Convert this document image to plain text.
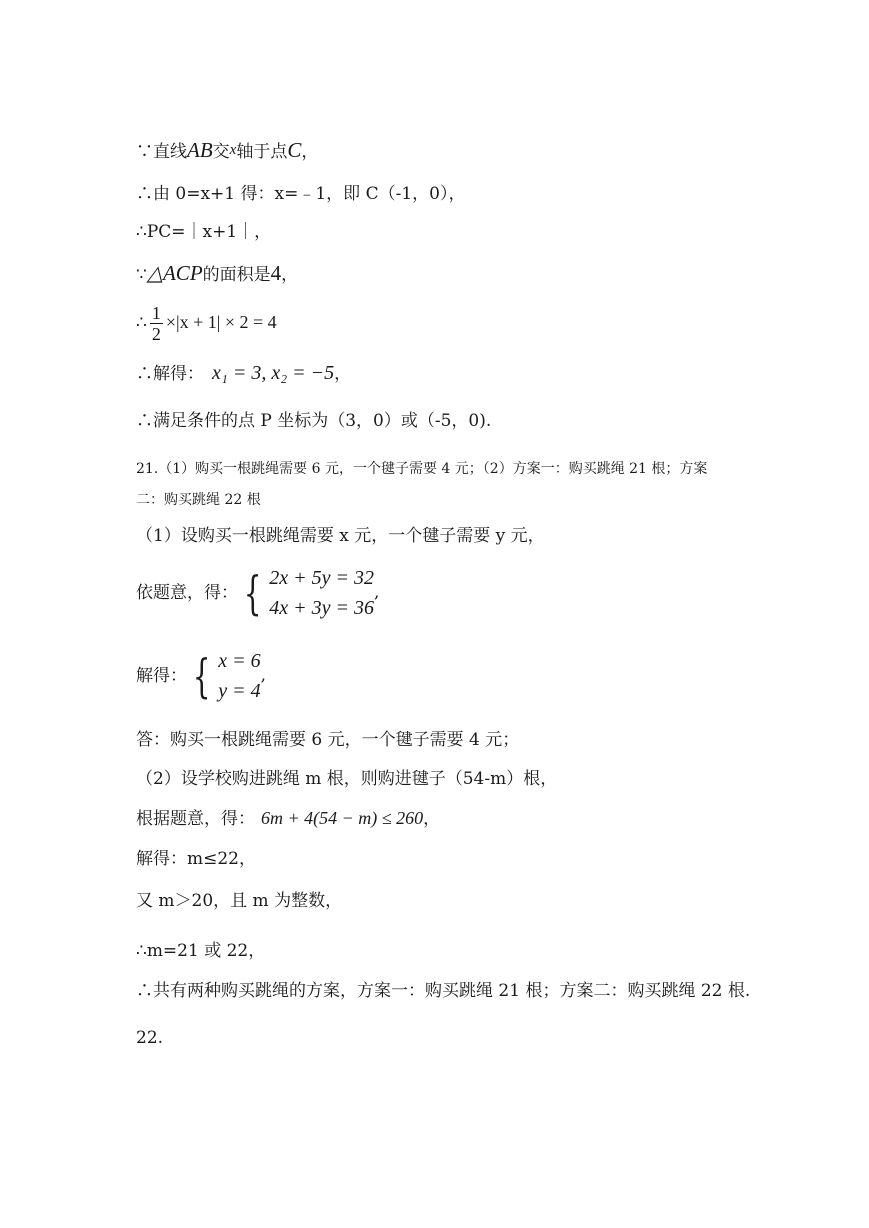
∵直线AB交x轴于点C，
∴由 0=x+1 得：x=﹣1，即 C（-1，0），
∴PC=｜x+1｜，
∵△ACP的面积是4，
∴ $\frac{1}{2} \times|x + 1| \times 2 = 4$
∴解得： x₁ = 3, x₂ = −5，
∴满足条件的点 P 坐标为（3，0）或（-5，0).
21.（1）购买一根跳绳需要 6 元，一个毽子需要 4 元；（2）方案一：购买跳绳 21 根；方案
二：购买跳绳 22 根
（1）设购买一根跳绳需要 x 元，一个毽子需要 y 元，
依题意，得： { 2x + 5y = 32
4x + 3y = 36
,
解得： { x = 6
y = 4
,
答：购买一根跳绳需要 6 元，一个毽子需要 4 元；
（2）设学校购进跳绳 m 根，则购进毽子（54-m）根，
根据题意，得： 6m + 4(54 − m) ≤ 260，
解得：m≤22，
又 m＞20，且 m 为整数，
∴m=21 或 22，
∴共有两种购买跳绳的方案，方案一：购买跳绳 21 根；方案二：购买跳绳 22 根.
22.
